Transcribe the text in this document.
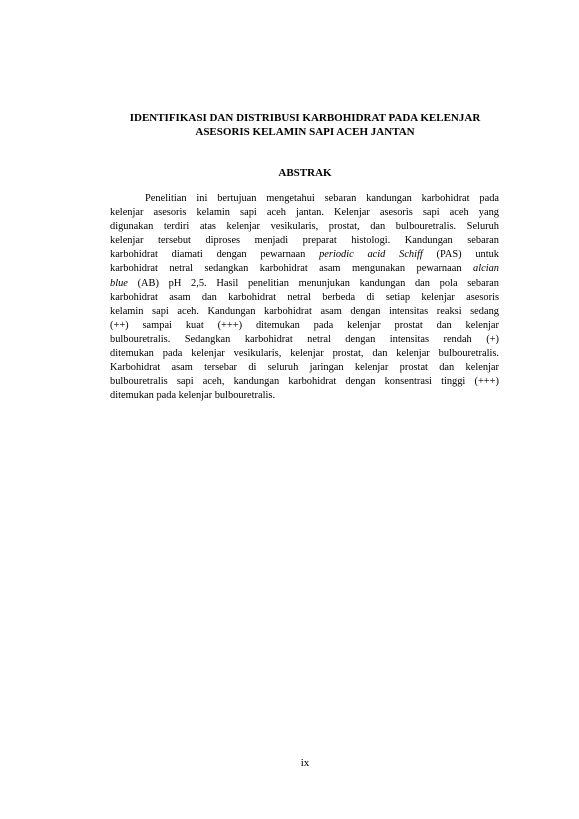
IDENTIFIKASI DAN DISTRIBUSI KARBOHIDRAT PADA KELENJAR
ASESORIS KELAMIN SAPI ACEH JANTAN
ABSTRAK
Penelitian ini bertujuan mengetahui sebaran kandungan karbohidrat pada
kelenjar asesoris kelamin sapi aceh jantan. Kelenjar asesoris sapi aceh yang
digunakan terdiri atas kelenjar vesikularis, prostat, dan bulbouretralis. Seluruh
kelenjar tersebut diproses menjadi preparat histologi. Kandungan sebaran
karbohidrat diamati dengan pewarnaan periodic acid Schiff (PAS) untuk
karbohidrat netral sedangkan karbohidrat asam mengunakan pewarnaan alcian
blue (AB) pH 2,5. Hasil penelitian menunjukan kandungan dan pola sebaran
karbohidrat asam dan karbohidrat netral berbeda di setiap kelenjar asesoris
kelamin sapi aceh. Kandungan karbohidrat asam dengan intensitas reaksi sedang
(++) sampai kuat (+++) ditemukan pada kelenjar prostat dan kelenjar
bulbouretralis. Sedangkan karbohidrat netral dengan intensitas rendah (+)
ditemukan pada kelenjar vesikularis, kelenjar prostat, dan kelenjar bulbouretralis.
Karbohidrat asam tersebar di seluruh jaringan kelenjar prostat dan kelenjar
bulbouretralis sapi aceh, kandungan karbohidrat dengan konsentrasi tinggi (+++)
ditemukan pada kelenjar bulbouretralis.
ix
